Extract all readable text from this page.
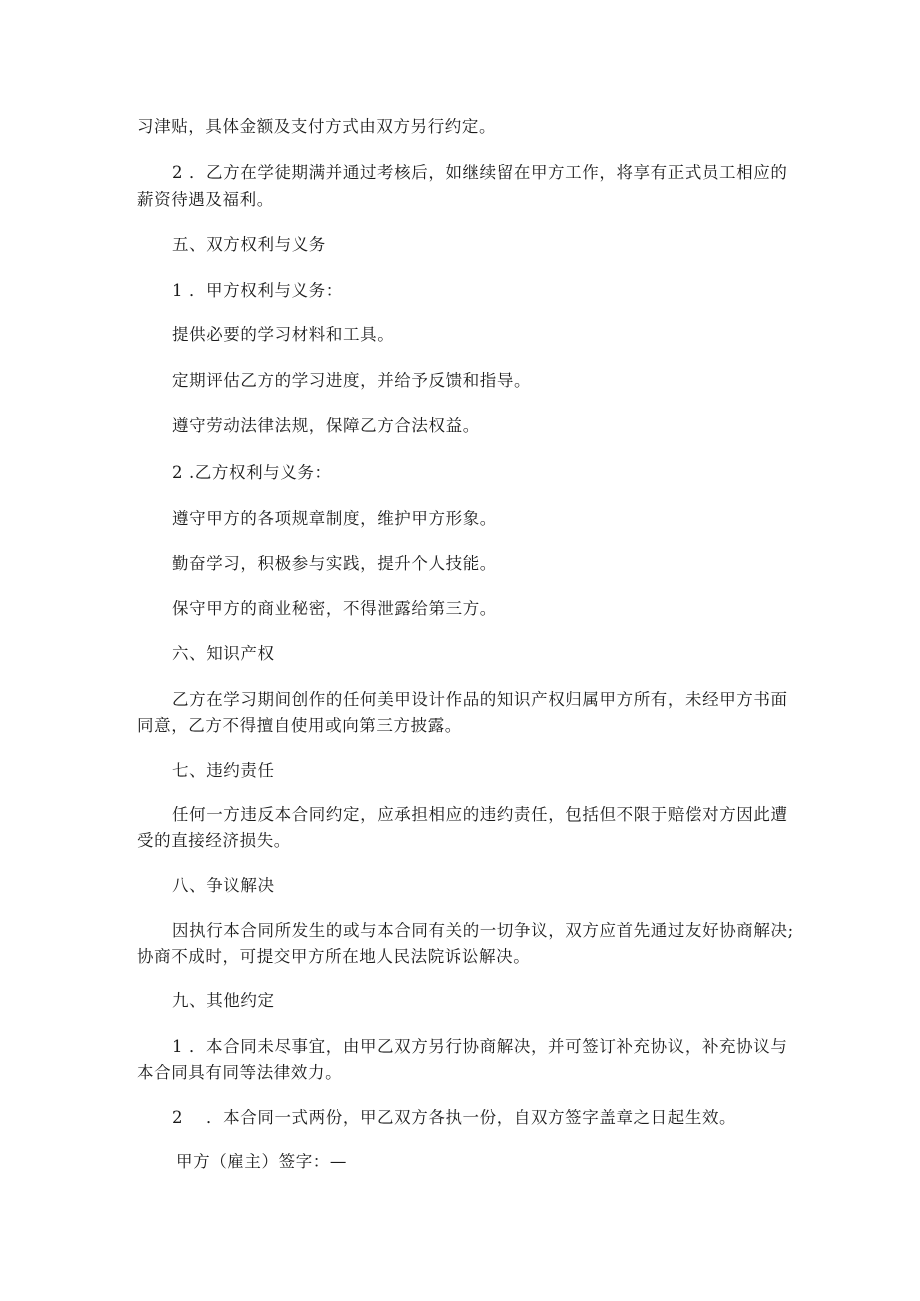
习津贴，具体金额及支付方式由双方另行约定。
2 ．乙方在学徒期满并通过考核后，如继续留在甲方工作，将享有正式员工相应的
薪资待遇及福利。
五、双方权利与义务
1 ．甲方权利与义务：
提供必要的学习材料和工具。
定期评估乙方的学习进度，并给予反馈和指导。
遵守劳动法律法规，保障乙方合法权益。
2 .乙方权利与义务：
遵守甲方的各项规章制度，维护甲方形象。
勤奋学习，积极参与实践，提升个人技能。
保守甲方的商业秘密，不得泄露给第三方。
六、知识产权
乙方在学习期间创作的任何美甲设计作品的知识产权归属甲方所有，未经甲方书面
同意，乙方不得擅自使用或向第三方披露。
七、违约责任
任何一方违反本合同约定，应承担相应的违约责任，包括但不限于赔偿对方因此遭
受的直接经济损失。
八、争议解决
因执行本合同所发生的或与本合同有关的一切争议，双方应首先通过友好协商解决;
协商不成时，可提交甲方所在地人民法院诉讼解决。
九、其他约定
1 ．本合同未尽事宜，由甲乙双方另行协商解决，并可签订补充协议，补充协议与
本合同具有同等法律效力。
2 　．本合同一式两份，甲乙双方各执一份，自双方签字盖章之日起生效。
甲方（雇主）签字：—
